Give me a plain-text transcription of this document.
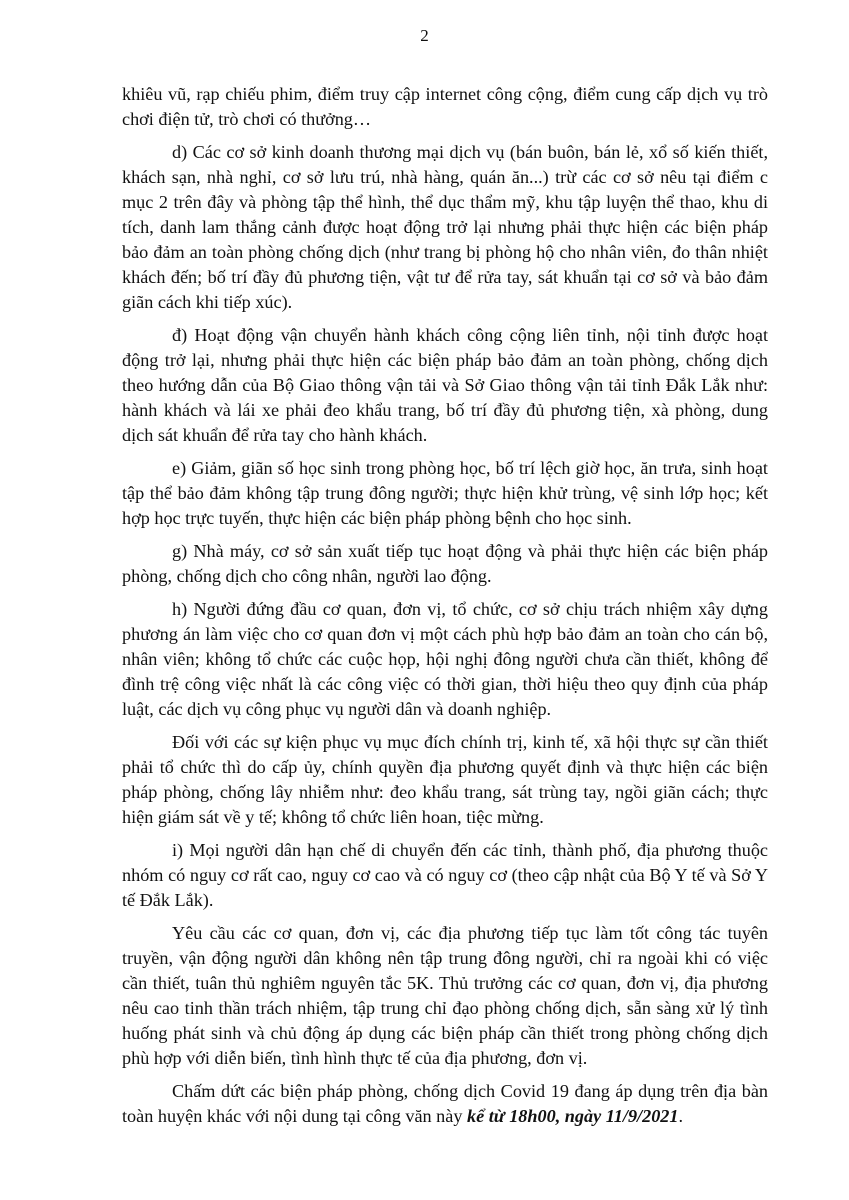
2

khiêu vũ, rạp chiếu phim, điểm truy cập internet công cộng, điểm cung cấp dịch vụ trò chơi điện tử, trò chơi có thưởng…

d) Các cơ sở kinh doanh thương mại dịch vụ (bán buôn, bán lẻ, xổ số kiến thiết, khách sạn, nhà nghỉ, cơ sở lưu trú, nhà hàng, quán ăn...) trừ các cơ sở nêu tại điểm c mục 2 trên đây và phòng tập thể hình, thể dục thẩm mỹ, khu tập luyện thể thao, khu di tích, danh lam thắng cảnh được hoạt động trở lại nhưng phải thực hiện các biện pháp bảo đảm an toàn phòng chống dịch (như trang bị phòng hộ cho nhân viên, đo thân nhiệt khách đến; bố trí đầy đủ phương tiện, vật tư để rửa tay, sát khuẩn tại cơ sở và bảo đảm giãn cách khi tiếp xúc).

đ) Hoạt động vận chuyển hành khách công cộng liên tỉnh, nội tỉnh được hoạt động trở lại, nhưng phải thực hiện các biện pháp bảo đảm an toàn phòng, chống dịch theo hướng dẫn của Bộ Giao thông vận tải và Sở Giao thông vận tải tỉnh Đắk Lắk như: hành khách và lái xe phải đeo khẩu trang, bố trí đầy đủ phương tiện, xà phòng, dung dịch sát khuẩn để rửa tay cho hành khách.

e) Giảm, giãn số học sinh trong phòng học, bố trí lệch giờ học, ăn trưa, sinh hoạt tập thể bảo đảm không tập trung đông người; thực hiện khử trùng, vệ sinh lớp học; kết hợp học trực tuyến, thực hiện các biện pháp phòng bệnh cho học sinh.

g) Nhà máy, cơ sở sản xuất tiếp tục hoạt động và phải thực hiện các biện pháp phòng, chống dịch cho công nhân, người lao động.

h) Người đứng đầu cơ quan, đơn vị, tổ chức, cơ sở chịu trách nhiệm xây dựng phương án làm việc cho cơ quan đơn vị một cách phù hợp bảo đảm an toàn cho cán bộ, nhân viên; không tổ chức các cuộc họp, hội nghị đông người chưa cần thiết, không để đình trệ công việc nhất là các công việc có thời gian, thời hiệu theo quy định của pháp luật, các dịch vụ công phục vụ người dân và doanh nghiệp.

Đối với các sự kiện phục vụ mục đích chính trị, kinh tế, xã hội thực sự cần thiết phải tổ chức thì do cấp ủy, chính quyền địa phương quyết định và thực hiện các biện pháp phòng, chống lây nhiễm như: đeo khẩu trang, sát trùng tay, ngồi giãn cách; thực hiện giám sát về y tế; không tổ chức liên hoan, tiệc mừng.

i) Mọi người dân hạn chế di chuyển đến các tỉnh, thành phố, địa phương thuộc nhóm có nguy cơ rất cao, nguy cơ cao và có nguy cơ (theo cập nhật của Bộ Y tế và Sở Y tế Đắk Lắk).

Yêu cầu các cơ quan, đơn vị, các địa phương tiếp tục làm tốt công tác tuyên truyền, vận động người dân không nên tập trung đông người, chỉ ra ngoài khi có việc cần thiết, tuân thủ nghiêm nguyên tắc 5K. Thủ trưởng các cơ quan, đơn vị, địa phương nêu cao tinh thần trách nhiệm, tập trung chỉ đạo phòng chống dịch, sẵn sàng xử lý tình huống phát sinh và chủ động áp dụng các biện pháp cần thiết trong phòng chống dịch phù hợp với diễn biến, tình hình thực tế của địa phương, đơn vị.

Chấm dứt các biện pháp phòng, chống dịch Covid 19 đang áp dụng trên địa bàn toàn huyện khác với nội dung tại công văn này kể từ 18h00, ngày 11/9/2021.
